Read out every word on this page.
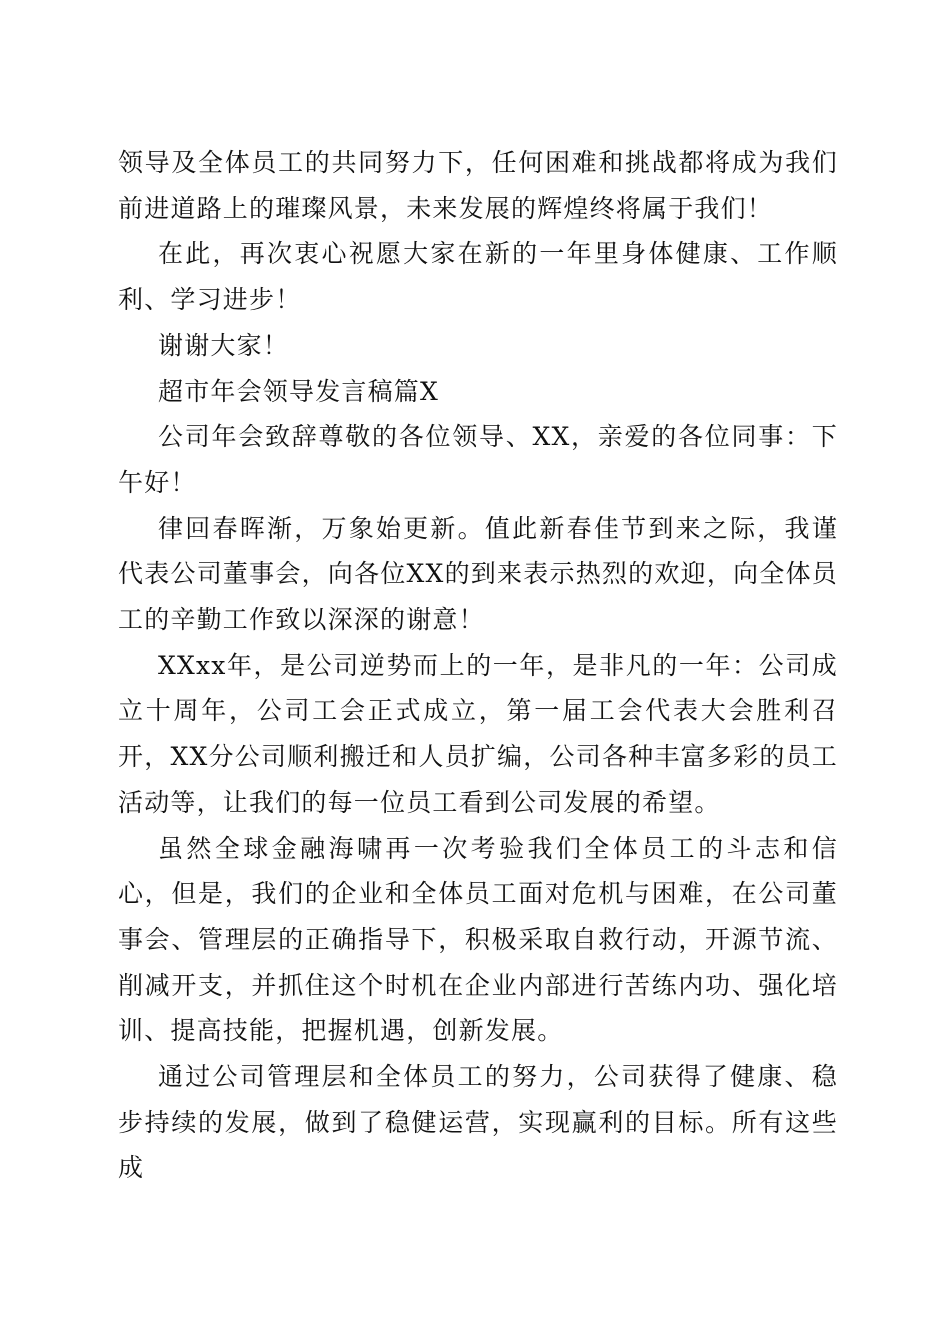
领导及全体员工的共同努力下，任何困难和挑战都将成为我们前进道路上的璀璨风景，未来发展的辉煌终将属于我们！

在此，再次衷心祝愿大家在新的一年里身体健康、工作顺利、学习进步！

谢谢大家！

超市年会领导发言稿篇X

公司年会致辞尊敬的各位领导、XX，亲爱的各位同事：下午好！

律回春晖渐，万象始更新。值此新春佳节到来之际，我谨代表公司董事会，向各位XX的到来表示热烈的欢迎，向全体员工的辛勤工作致以深深的谢意！

XXxx年，是公司逆势而上的一年，是非凡的一年：公司成立十周年，公司工会正式成立，第一届工会代表大会胜利召开，XX分公司顺利搬迁和人员扩编，公司各种丰富多彩的员工活动等，让我们的每一位员工看到公司发展的希望。

虽然全球金融海啸再一次考验我们全体员工的斗志和信心，但是，我们的企业和全体员工面对危机与困难，在公司董事会、管理层的正确指导下，积极采取自救行动，开源节流、削减开支，并抓住这个时机在企业内部进行苦练内功、强化培训、提高技能，把握机遇，创新发展。

通过公司管理层和全体员工的努力，公司获得了健康、稳步持续的发展，做到了稳健运营，实现赢利的目标。所有这些成
